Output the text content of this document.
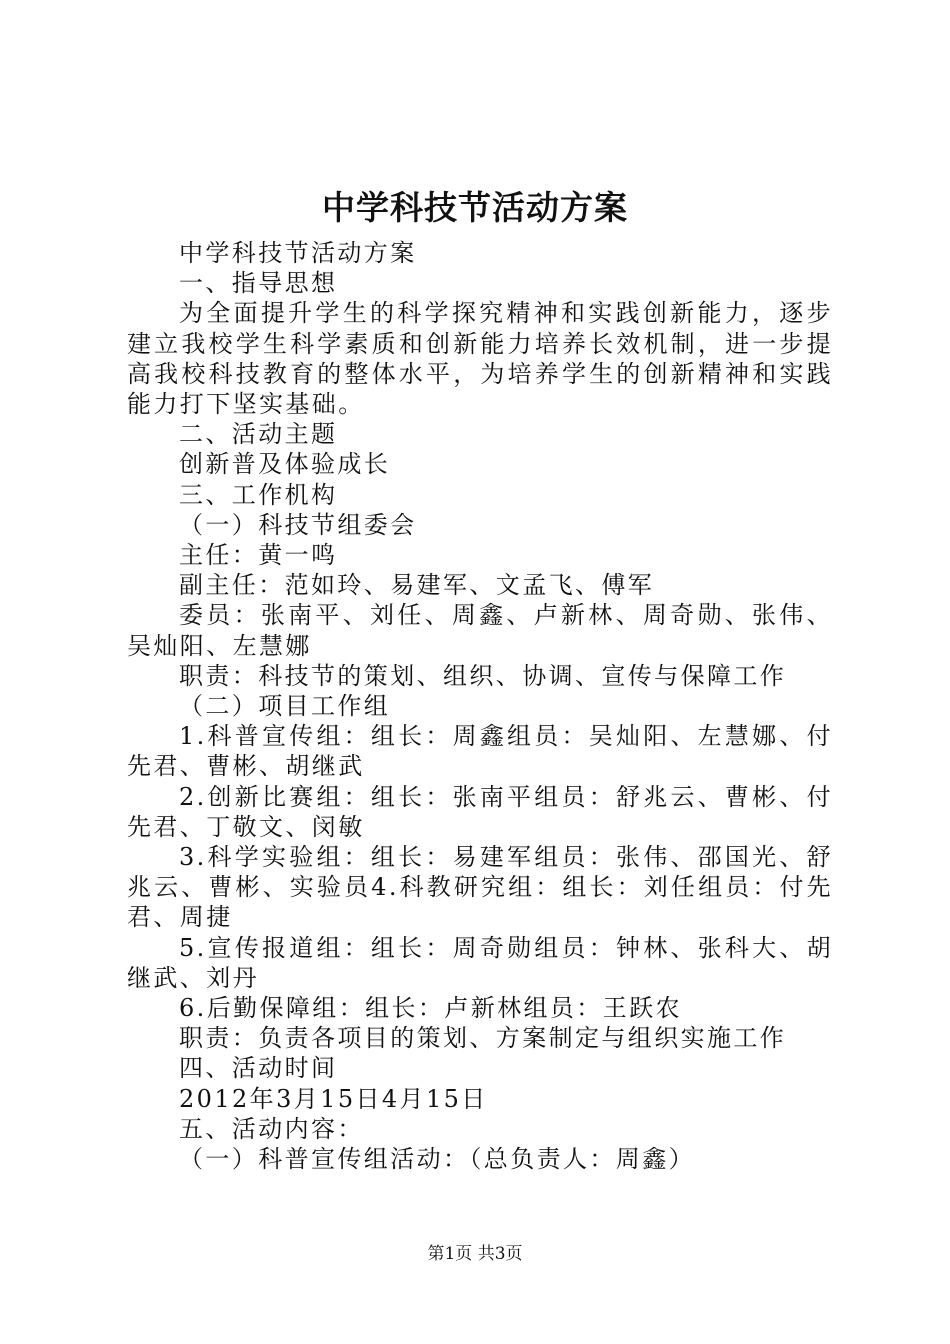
中学科技节活动方案

中学科技节活动方案

一、指导思想

为全面提升学生的科学探究精神和实践创新能力，逐步建立我校学生科学素质和创新能力培养长效机制，进一步提高我校科技教育的整体水平，为培养学生的创新精神和实践能力打下坚实基础。

二、活动主题

创新普及体验成长

三、工作机构

（一）科技节组委会

主任：黄一鸣

副主任：范如玲、易建军、文孟飞、傅军

委员：张南平、刘任、周鑫、卢新林、周奇勋、张伟、吴灿阳、左慧娜

职责：科技节的策划、组织、协调、宣传与保障工作

（二）项目工作组

1.科普宣传组：组长：周鑫组员：吴灿阳、左慧娜、付先君、曹彬、胡继武

2.创新比赛组：组长：张南平组员：舒兆云、曹彬、付先君、丁敬文、闵敏

3.科学实验组：组长：易建军组员：张伟、邵国光、舒兆云、曹彬、实验员4.科教研究组：组长：刘任组员：付先君、周捷

5.宣传报道组：组长：周奇勋组员：钟林、张科大、胡继武、刘丹

6.后勤保障组：组长：卢新林组员：王跃农

职责：负责各项目的策划、方案制定与组织实施工作

四、活动时间

2012年3月15日4月15日

五、活动内容：

（一）科普宣传组活动：（总负责人：周鑫）

第1页 共3页
